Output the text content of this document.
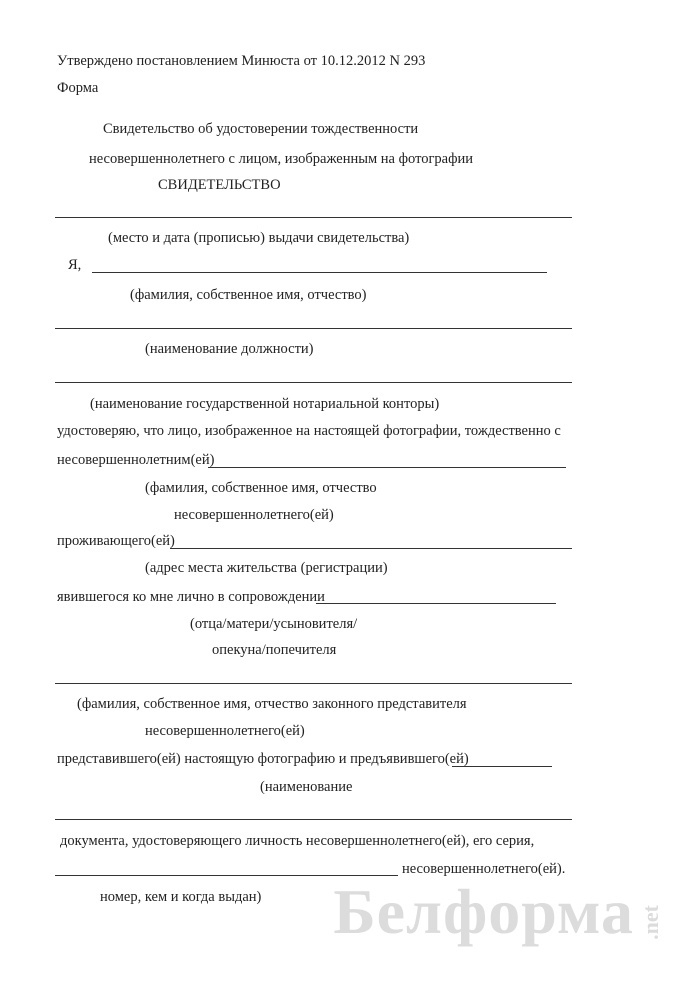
Утверждено постановлением Минюста от 10.12.2012 N 293
Форма
Свидетельство об удостоверении тождественности
несовершеннолетнего с лицом, изображенным на фотографии
СВИДЕТЕЛЬСТВО
(место и дата (прописью) выдачи свидетельства)
Я,
(фамилия, собственное имя, отчество)
(наименование должности)
(наименование государственной нотариальной конторы)
удостоверяю, что лицо, изображенное на настоящей фотографии, тождественно с
несовершеннолетним(ей)
(фамилия, собственное имя, отчество
несовершеннолетнего(ей)
проживающего(ей)
(адрес места жительства (регистрации)
явившегося ко мне лично в сопровождении
(отца/матери/усыновителя/
опекуна/попечителя
(фамилия, собственное имя, отчество законного представителя
несовершеннолетнего(ей)
представившего(ей) настоящую фотографию и предъявившего(ей)
(наименование
документа, удостоверяющего личность несовершеннолетнего(ей), его серия,
несовершеннолетнего(ей).
номер, кем и когда выдан) Белформа .net
